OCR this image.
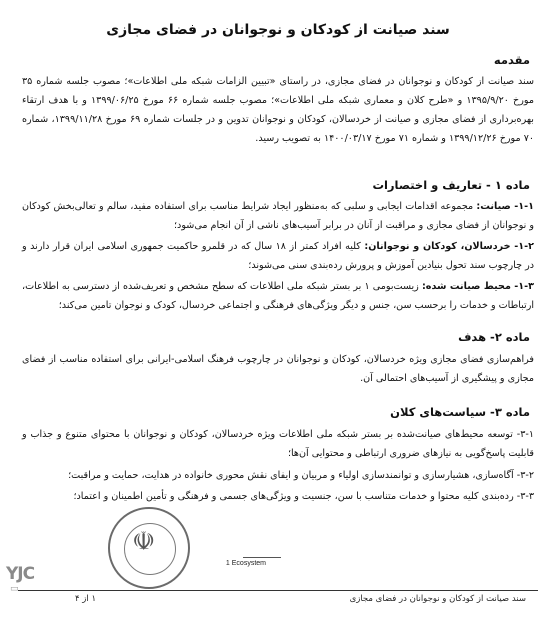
سند صیانت از کودکان و نوجوانان در فضای مجازی
مقدمه
سند صیانت از کودکان و نوجوانان در فضای مجازی، در راستای «تبیین الزامات شبکه ملی اطلاعات»؛ مصوب جلسه شماره ۳۵ مورخ ۱۳۹۵/۹/۲۰ و «طرح کلان و معماری شبکه ملی اطلاعات»؛ مصوب جلسه شماره ۶۶ مورخ ۱۳۹۹/۰۶/۲۵ و با هدف ارتقاء بهره‌برداری از فضای مجازی و صیانت از خردسالان، کودکان و نوجوانان تدوین و در جلسات شماره ۶۹ مورخ ۱۳۹۹/۱۱/۲۸، شماره ۷۰ مورخ ۱۳۹۹/۱۲/۲۶ و شماره ۷۱ مورخ ۱۴۰۰/۰۳/۱۷ به تصویب رسید.
ماده ۱ - تعاریف و اختصارات
۱-۱- صیانت: مجموعه اقدامات ایجابی و سلبی که به‌منظور ایجاد شرایط مناسب برای استفاده مفید، سالم و تعالی‌بخش کودکان و نوجوانان از فضای مجازی و مراقبت از آنان در برابر آسیب‌های ناشی از آن انجام می‌شود؛
۱-۲- خردسالان، کودکان و نوجوانان: کلیه افراد کمتر از ۱۸ سال که در قلمرو حاکمیت جمهوری اسلامی ایران قرار دارند و در چارچوب سند تحول بنیادین آموزش و پرورش رده‌بندی سنی می‌شوند؛
۱-۳- محیط صیانت شده: زیست‌بومی ۱ بر بستر شبکه ملی اطلاعات که سطح مشخص و تعریف‌شده از دسترسی به اطلاعات، ارتباطات و خدمات را برحسب سن، جنس و دیگر ویژگی‌های فرهنگی و اجتماعی خردسال، کودک و نوجوان تامین می‌کند؛
ماده ۲- هدف
فراهم‌سازی فضای مجازی ویژه خردسالان، کودکان و نوجوانان در چارچوب فرهنگ اسلامی-ایرانی برای استفاده مناسب از فضای مجازی و پیشگیری از آسیب‌های احتمالی آن.
ماده ۳- سیاست‌های کلان
۳-۱- توسعه محیط‌های صیانت‌شده بر بستر شبکه ملی اطلاعات ویژه خردسالان، کودکان و نوجوانان با محتوای متنوع و جذاب و قابلیت پاسخ‌گویی به نیازهای ضروری ارتباطی و محتوایی آن‌ها؛
۳-۲- آگاه‌سازی، هشیارسازی و توانمندسازی اولیاء و مربیان و ایفای نقش محوری خانواده در هدایت، حمایت و مراقبت؛
۳-۳- رده‌بندی کلیه محتوا و خدمات متناسب با سن، جنسیت و ویژگی‌های جسمی و فرهنگی و تأمین اطمینان و اعتماد؛
☫
1 Ecosystem
YJC
▭
سند صیانت از کودکان و نوجوانان در فضای مجازی
۱ از ۴
